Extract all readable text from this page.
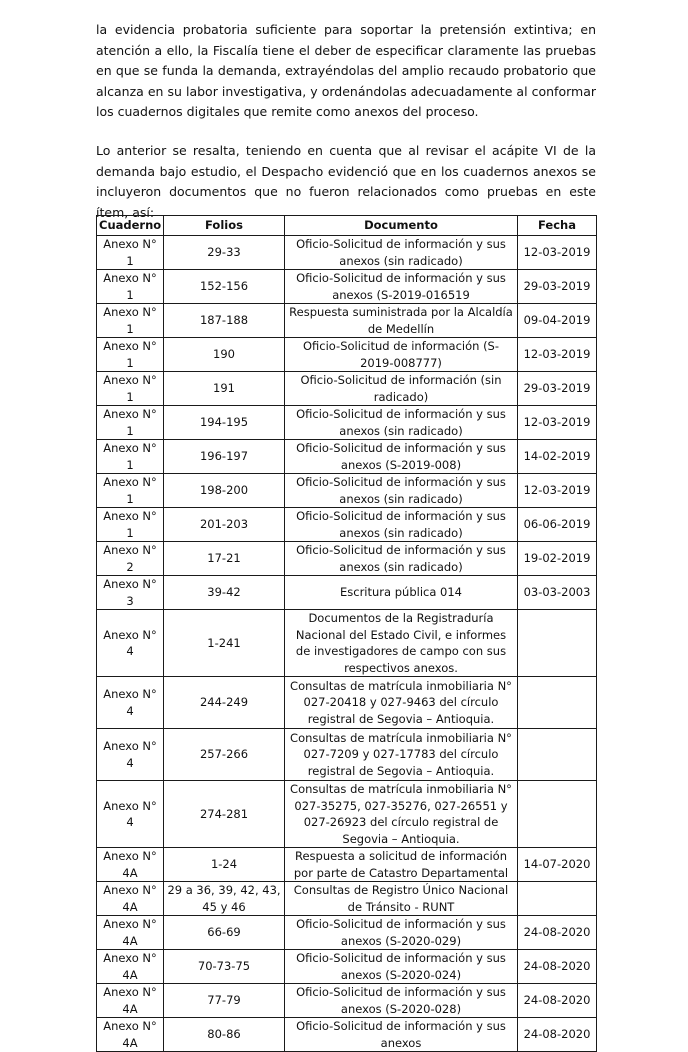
la evidencia probatoria suficiente para soportar la pretensión extintiva; en atención a ello, la Fiscalía tiene el deber de especificar claramente las pruebas en que se funda la demanda, extrayéndolas del amplio recaudo probatorio que alcanza en su labor investigativa, y ordenándolas adecuadamente al conformar los cuadernos digitales que remite como anexos del proceso.

Lo anterior se resalta, teniendo en cuenta que al revisar el acápite VI de la demanda bajo estudio, el Despacho evidenció que en los cuadernos anexos se incluyeron documentos que no fueron relacionados como pruebas en este ítem, así:

Cuaderno	Folios	Documento	Fecha
Anexo N° 1	29-33	Oficio-Solicitud de información y sus anexos (sin radicado)	12-03-2019
Anexo N° 1	152-156	Oficio-Solicitud de información y sus anexos (S-2019-016519	29-03-2019
Anexo N° 1	187-188	Respuesta suministrada por la Alcaldía de Medellín	09-04-2019
Anexo N° 1	190	Oficio-Solicitud de información (S-2019-008777)	12-03-2019
Anexo N° 1	191	Oficio-Solicitud de información (sin radicado)	29-03-2019
Anexo N° 1	194-195	Oficio-Solicitud de información y sus anexos (sin radicado)	12-03-2019
Anexo N° 1	196-197	Oficio-Solicitud de información y sus anexos (S-2019-008)	14-02-2019
Anexo N° 1	198-200	Oficio-Solicitud de información y sus anexos (sin radicado)	12-03-2019
Anexo N° 1	201-203	Oficio-Solicitud de información y sus anexos (sin radicado)	06-06-2019
Anexo N° 2	17-21	Oficio-Solicitud de información y sus anexos (sin radicado)	19-02-2019
Anexo N° 3	39-42	Escritura pública 014	03-03-2003
Anexo N° 4	1-241	Documentos de la Registraduría Nacional del Estado Civil, e informes de investigadores de campo con sus respectivos anexos.	
Anexo N° 4	244-249	Consultas de matrícula inmobiliaria N° 027-20418 y 027-9463 del círculo registral de Segovia – Antioquia.	
Anexo N° 4	257-266	Consultas de matrícula inmobiliaria N° 027-7209 y 027-17783 del círculo registral de Segovia – Antioquia.	
Anexo N° 4	274-281	Consultas de matrícula inmobiliaria N° 027-35275, 027-35276, 027-26551 y 027-26923 del círculo registral de Segovia – Antioquia.	
Anexo N° 4A	1-24	Respuesta a solicitud de información por parte de Catastro Departamental	14-07-2020
Anexo N° 4A	29 a 36, 39, 42, 43, 45 y 46	Consultas de Registro Único Nacional de Tránsito - RUNT	
Anexo N° 4A	66-69	Oficio-Solicitud de información y sus anexos (S-2020-029)	24-08-2020
Anexo N° 4A	70-73-75	Oficio-Solicitud de información y sus anexos (S-2020-024)	24-08-2020
Anexo N° 4A	77-79	Oficio-Solicitud de información y sus anexos (S-2020-028)	24-08-2020
Anexo N° 4A	80-86	Oficio-Solicitud de información y sus anexos	24-08-2020
